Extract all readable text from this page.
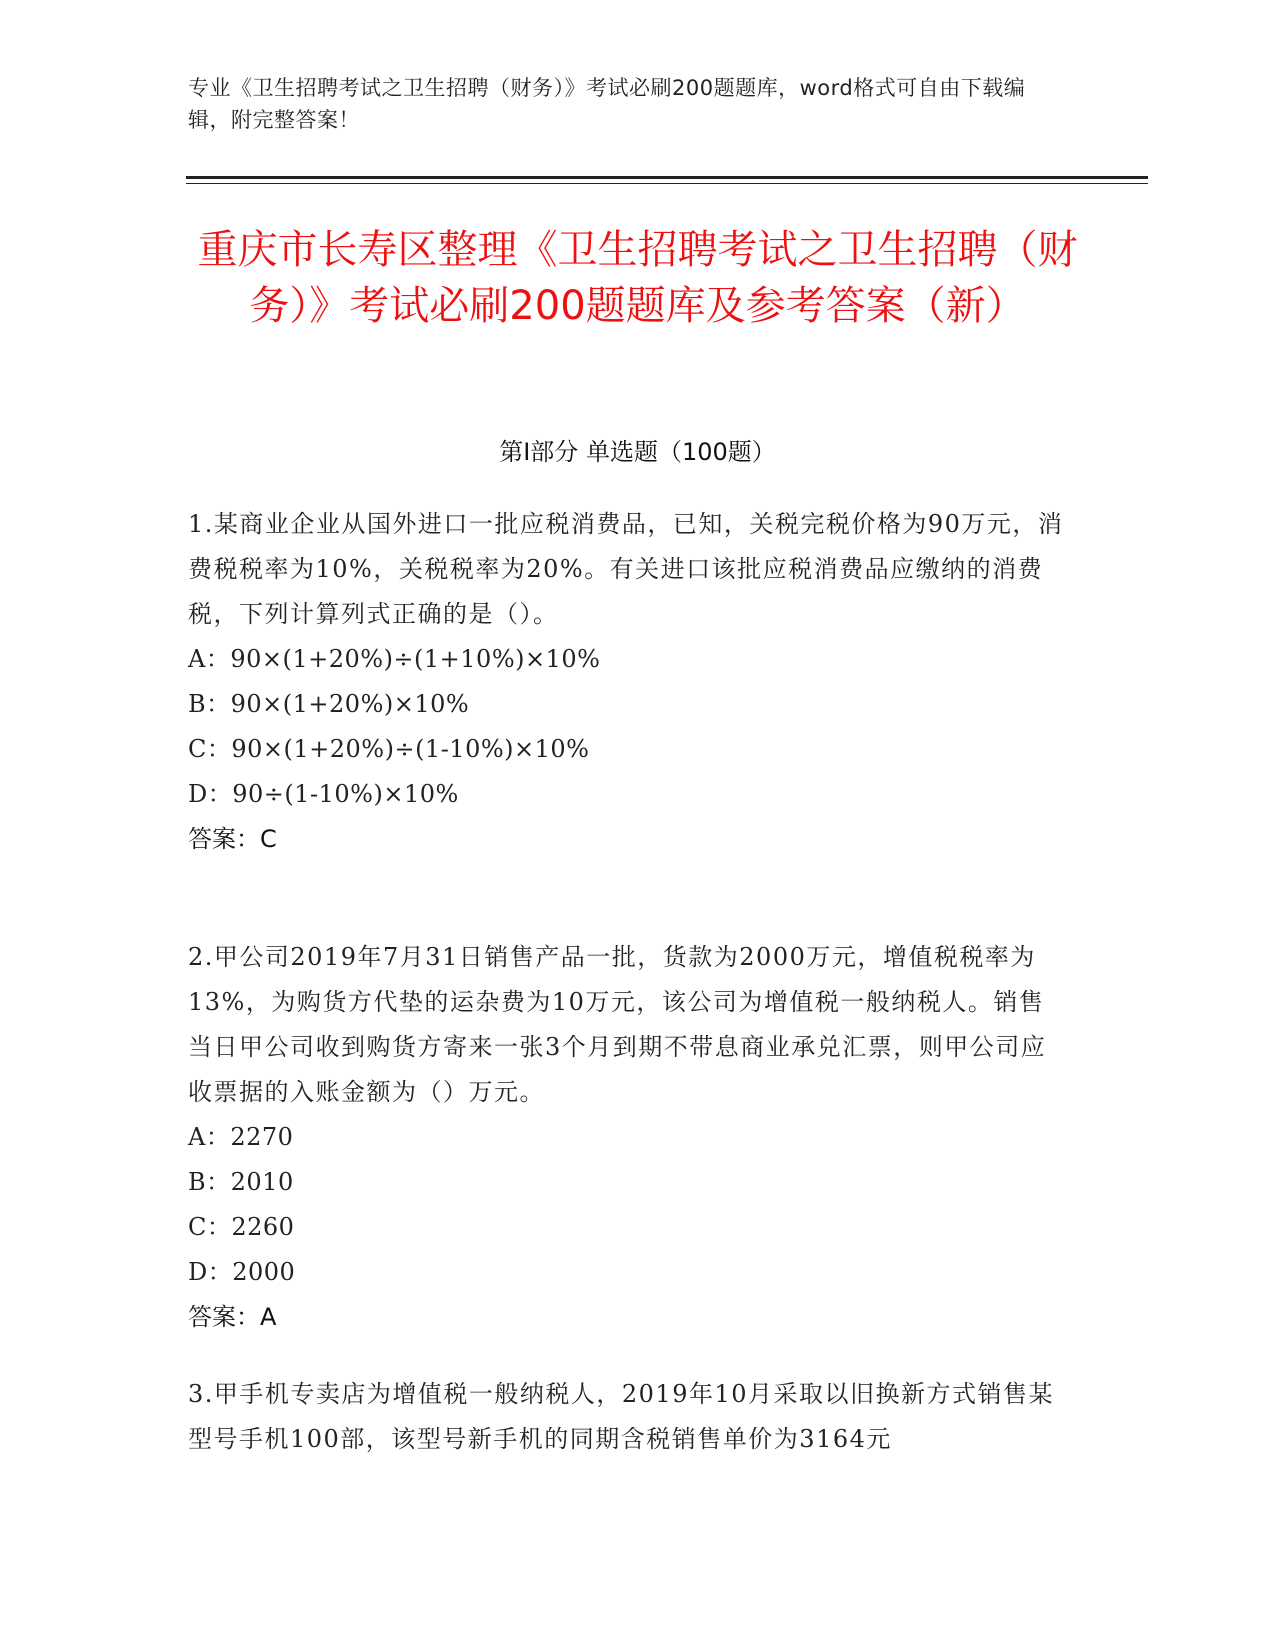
专业《卫生招聘考试之卫生招聘（财务）》考试必刷200题题库，word格式可自由下载编辑，附完整答案！
重庆市长寿区整理《卫生招聘考试之卫生招聘（财务）》考试必刷200题题库及参考答案（新）
第I部分 单选题（100题）
1.某商业企业从国外进口一批应税消费品，已知，关税完税价格为90万元，消费税税率为10%，关税税率为20%。有关进口该批应税消费品应缴纳的消费税，下列计算列式正确的是（）。
A：90×(1+20%)÷(1+10%)×10%
B：90×(1+20%)×10%
C：90×(1+20%)÷(1-10%)×10%
D：90÷(1-10%)×10%
答案：C
2.甲公司2019年7月31日销售产品一批，货款为2000万元，增值税税率为13%，为购货方代垫的运杂费为10万元，该公司为增值税一般纳税人。销售当日甲公司收到购货方寄来一张3个月到期不带息商业承兑汇票，则甲公司应收票据的入账金额为（）万元。
A：2270
B：2010
C：2260
D：2000
答案：A
3.甲手机专卖店为增值税一般纳税人，2019年10月采取以旧换新方式销售某型号手机100部，该型号新手机的同期含税销售单价为3164元
